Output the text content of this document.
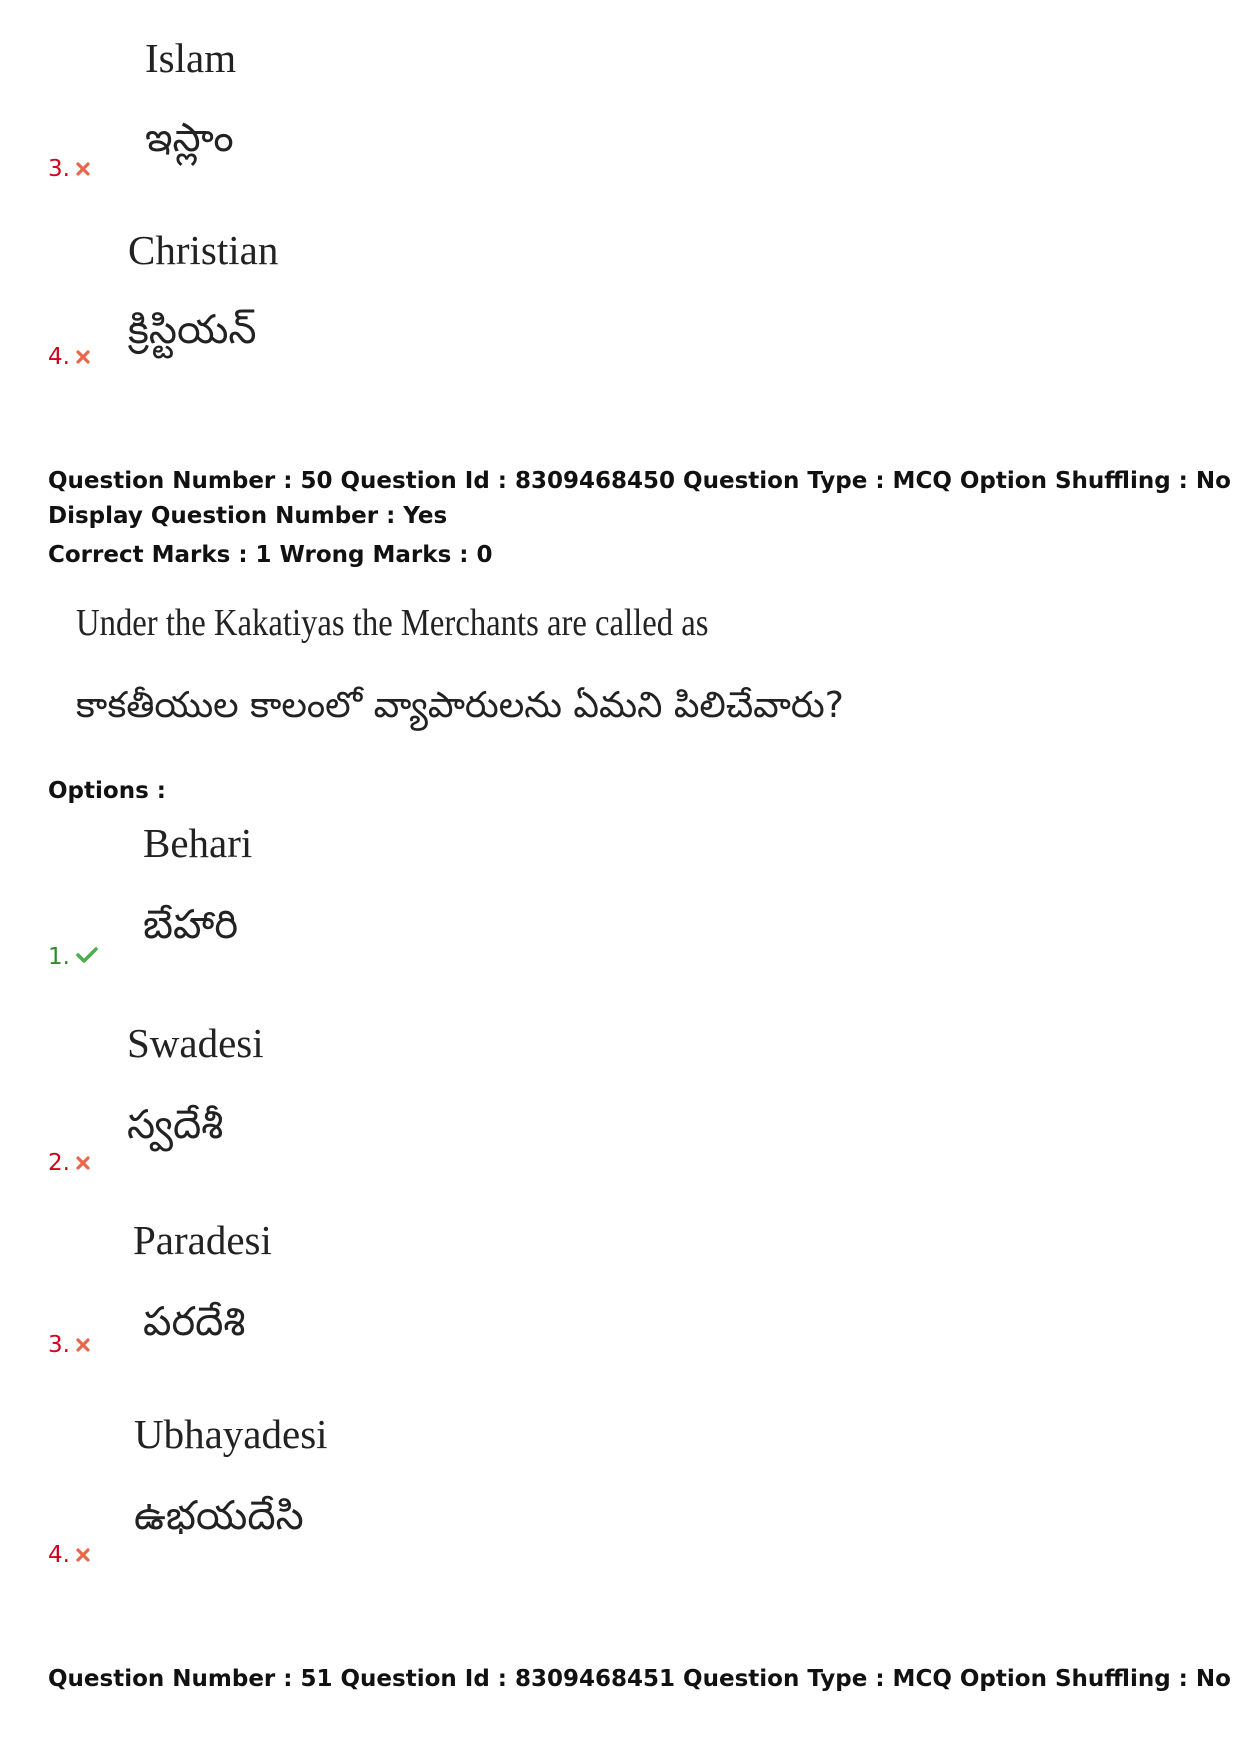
Islam
ఇస్లాం
3.
Christian
క్రిస్టియన్
4.
Question Number : 50 Question Id : 8309468450 Question Type : MCQ Option Shuffling : No
Display Question Number : Yes
Correct Marks : 1 Wrong Marks : 0
Under the Kakatiyas the Merchants are called as
కాకతీయుల కాలంలో వ్యాపారులను ఏమని పిలిచేవారు?
Options :
Behari
బేహారి
1.
Swadesi
స్వదేశీ
2.
Paradesi
పరదేశి
3.
Ubhayadesi
ఉభయదేసి
4.
Question Number : 51 Question Id : 8309468451 Question Type : MCQ Option Shuffling : No
